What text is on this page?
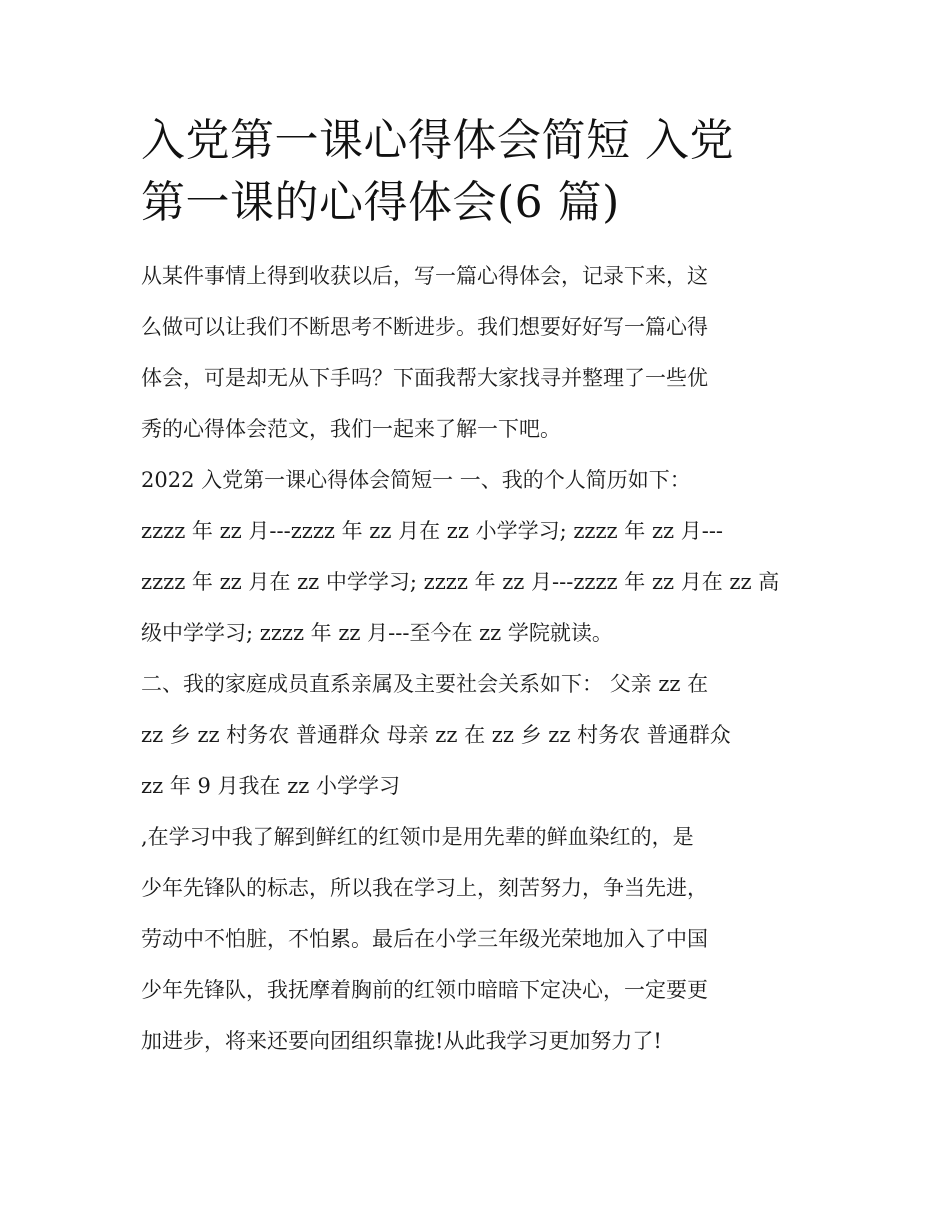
入党第一课心得体会简短 入党
第一课的心得体会(6 篇)
从某件事情上得到收获以后，写一篇心得体会，记录下来，这
么做可以让我们不断思考不断进步。我们想要好好写一篇心得
体会，可是却无从下手吗？下面我帮大家找寻并整理了一些优
秀的心得体会范文，我们一起来了解一下吧。
2022 入党第一课心得体会简短一 一、我的个人简历如下：
zzzz 年 zz 月---zzzz 年 zz 月在 zz 小学学习; zzzz 年 zz 月---
zzzz 年 zz 月在 zz 中学学习; zzzz 年 zz 月---zzzz 年 zz 月在 zz 高
级中学学习; zzzz 年 zz 月---至今在 zz 学院就读。
二、我的家庭成员直系亲属及主要社会关系如下： 父亲 zz 在
zz 乡 zz 村务农 普通群众 母亲 zz 在 zz 乡 zz 村务农 普通群众
zz 年 9 月我在 zz 小学学习
,在学习中我了解到鲜红的红领巾是用先辈的鲜血染红的，是
少年先锋队的标志，所以我在学习上，刻苦努力，争当先进，
劳动中不怕脏，不怕累。最后在小学三年级光荣地加入了中国
少年先锋队，我抚摩着胸前的红领巾暗暗下定决心，一定要更
加进步，将来还要向团组织靠拢!从此我学习更加努力了!
